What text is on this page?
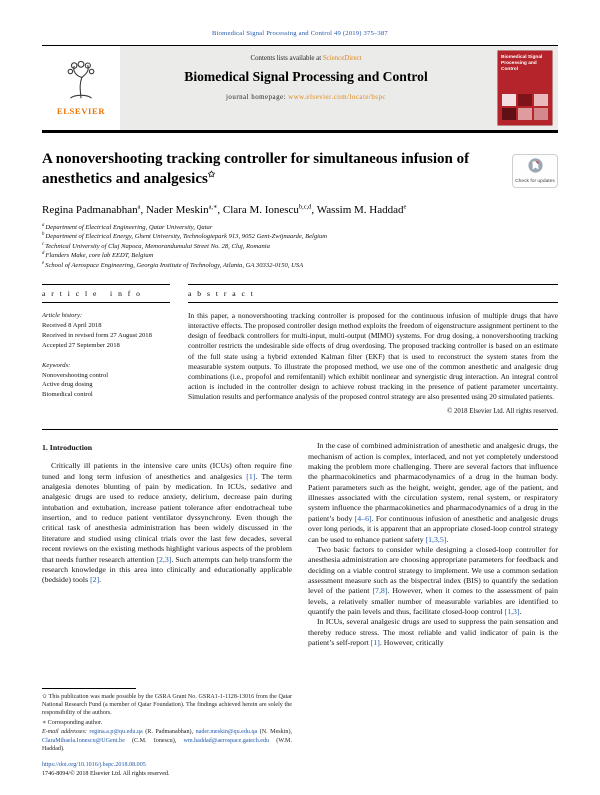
Biomedical Signal Processing and Control 49 (2019) 375–387
ELSEVIER
Contents lists available at ScienceDirect
Biomedical Signal Processing and Control
journal homepage: www.elsevier.com/locate/bspc
Biomedical Signal Processing and Control
A nonovershooting tracking controller for simultaneous infusion of anesthetics and analgesics✩
Check for updates
Regina Padmanabhan$^a$, Nader Meskin$^{a,∗}$, Clara M. Ionescu$^{b,c,d}$, Wassim M. Haddad$^e$
$^a$Department of Electrical Engineering, Qatar University, Qatar
$^b$Department of Electrical Energy, Ghent University, Technologiepark 913, 9052 Gent-Zwijnaarde, Belgium
$^c$Technical University of Cluj Napoca, Memorandumului Street No. 28, Cluj, Romania
$^d$Flanders Make, core lab EEDT, Belgium
$^e$School of Aerospace Engineering, Georgia Institute of Technology, Atlanta, GA 30332-0150, USA
a r t i c l e   i n f o
Article history:
Received 8 April 2018
Received in revised form 27 August 2018
Accepted 27 September 2018
Keywords:
Nonovershooting control
Active drug dosing
Biomedical control
a b s t r a c t

In this paper, a nonovershooting tracking controller is proposed for the continuous infusion of multiple drugs that have interactive effects. The proposed controller design method exploits the freedom of eigenstructure assignment pertinent to the design of feedback controllers for multi-input, multi-output (MIMO) systems. For drug dosing, a nonovershooting tracking controller restricts the undesirable side effects of drug overdosing. The proposed tracking controller is based on an estimate of the full state using a hybrid extended Kalman filter (EKF) that is used to reconstruct the system states from the measurable system outputs. To illustrate the proposed method, we use one of the common anesthetic and analgesic drug combinations (i.e., propofol and remifentanil) which exhibit nonlinear and synergistic drug interaction. An integral control action is included in the controller design to achieve robust tracking in the presence of patient parameter uncertainty. Simulation results and performance analysis of the proposed control strategy are also presented using 20 simulated patients.

© 2018 Elsevier Ltd. All rights reserved.
1. Introduction

Critically ill patients in the intensive care units (ICUs) often require fine tuned and long term infusion of anesthetics and analgesics [1]. The term analgesia denotes blunting of pain by medication. In ICUs, sedative and analgesic drugs are used to reduce anxiety, delirium, decrease pain during intubation and extubation, increase patient tolerance after endotracheal tube insertion, and to reduce patient ventilator dyssynchrony. Even though the critical task of anesthesia administration has been widely discussed in the literature and studied using clinical trials over the last few decades, several recent reviews on the existing methods highlight various aspects of the problem that needs further research attention [2,3]. Such attempts can help transform the research knowledge in this area into clinically and educationally applicable (bedside) tools [2].

✩ This publication was made possible by the GSRA Grant No. GSRA1-1-1128-13016 from the Qatar National Research Fund (a member of Qatar Foundation). The findings achieved herein are solely the responsibility of the authors.

∗ Corresponding author.

E-mail addresses: regina.a.p@qu.edu.qa (R. Padmanabhan), nader.meskin@qu.edu.qa (N. Meskin), ClaraMihaela.Ionescu@UGent.be (C.M. Ionescu), wm.haddad@aerospace.gatech.edu (W.M. Haddad).

https://doi.org/10.1016/j.bspc.2018.08.005
1746-8094/© 2018 Elsevier Ltd. All rights reserved.

In the case of combined administration of anesthetic and analgesic drugs, the mechanism of action is complex, interlaced, and not yet completely understood making the problem more challenging. There are several factors that influence the pharmacokinetics and pharmacodynamics of a drug in the human body. Patient parameters such as the height, weight, gender, age of the patient, and illnesses associated with the circulation system, renal system, or respiratory system influence the pharmacokinetics and pharmacodynamics of a drug in the patient’s body [4–6]. For continuous infusion of anesthetic and analgesic drugs over long periods, it is apparent that an appropriate closed-loop control strategy can be used to enhance patient safety [1,3,5].

Two basic factors to consider while designing a closed-loop controller for anesthesia administration are choosing appropriate parameters for feedback and deciding on a viable control strategy to implement. We use a common sedation assessment measure such as the bispectral index (BIS) to quantify the sedation level of the patient [7,8]. However, when it comes to the assessment of pain levels, a relatively smaller number of measurable variables are identified to quantify the pain levels and thus, facilitate closed-loop control [1,3].

In ICUs, several analgesic drugs are used to suppress the pain sensation and thereby reduce stress. The most reliable and valid indicator of pain is the patient’s self-report [1]. However, critically
